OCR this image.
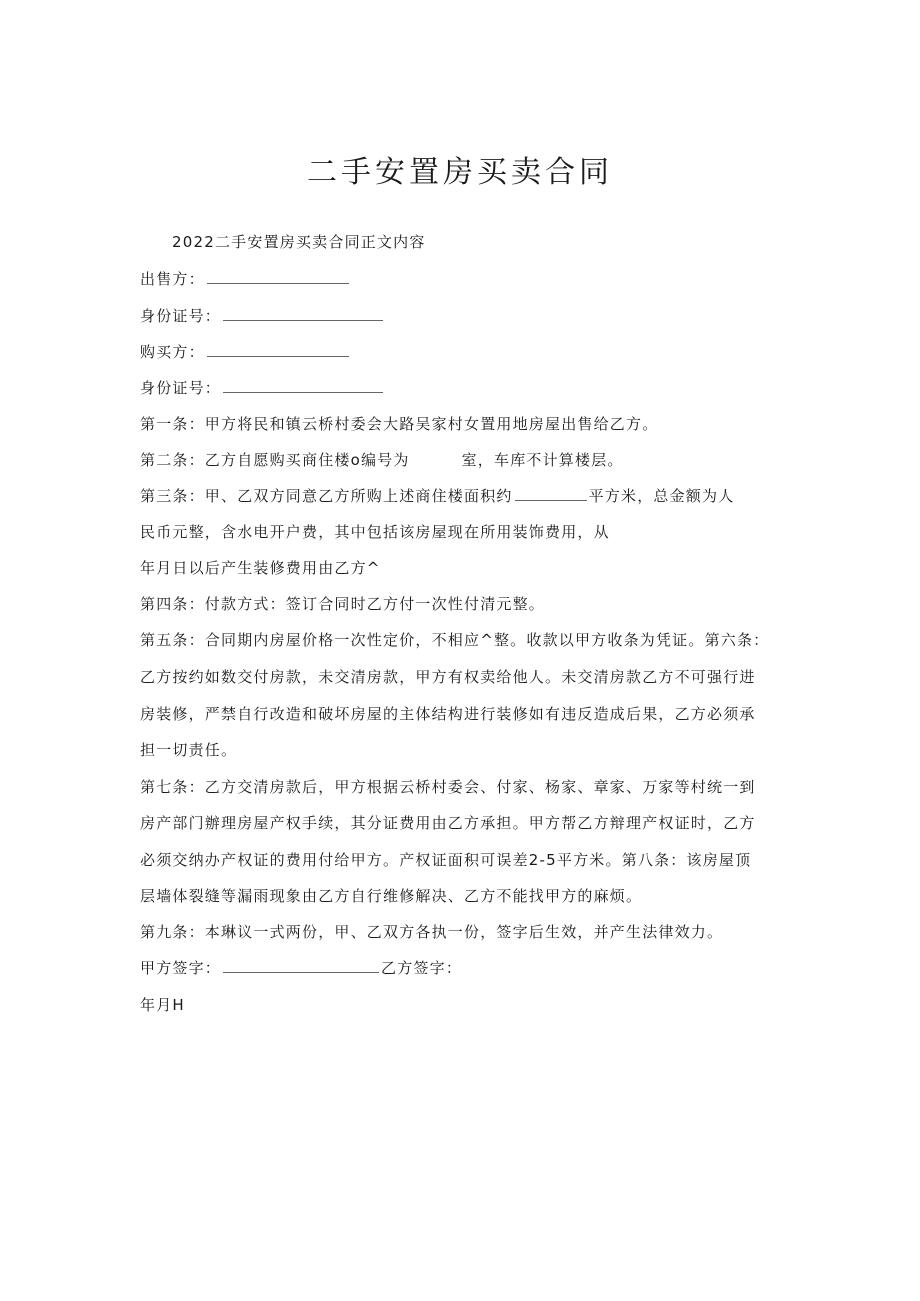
二手安置房买卖合同
2022二手安置房买卖合同正文内容
出售方：
身份证号：
购买方：
身份证号：
第一条：甲方将民和镇云桥村委会大路吴家村女置用地房屋出售给乙方。
第二条：乙方自愿购买商住楼o编号为	室，车库不计算楼层。
第三条：甲、乙双方同意乙方所购上述商住楼面积约	平方米，总金额为人
民币元整，含水电开户费，其中包括该房屋现在所用装饰费用，从
年月日以后产生装修费用由乙方^
第四条：付款方式：签订合同时乙方付一次性付清元整。
第五条：合同期内房屋价格一次性定价，不相应^整。收款以甲方收条为凭证。第六条：
乙方按约如数交付房款，未交清房款，甲方有权卖给他人。未交清房款乙方不可强行进
房装修，严禁自行改造和破坏房屋的主体结构进行装修如有违反造成后果，乙方必须承
担一切责任。
第七条：乙方交清房款后，甲方根据云桥村委会、付家、杨家、章家、万家等村统一到
房产部门辦理房屋产权手续，其分证费用由乙方承担。甲方帮乙方辩理产权证时，乙方
必须交纳办产权证的费用付给甲方。产权证面积可误差2-5平方米。第八条：该房屋顶
层墙体裂缝等漏雨现象由乙方自行维修解决、乙方不能找甲方的麻烦。
第九条：本琳议一式两份，甲、乙双方各执一份，签字后生效，并产生法律效力。
甲方签字：	乙方签字：
年月H
